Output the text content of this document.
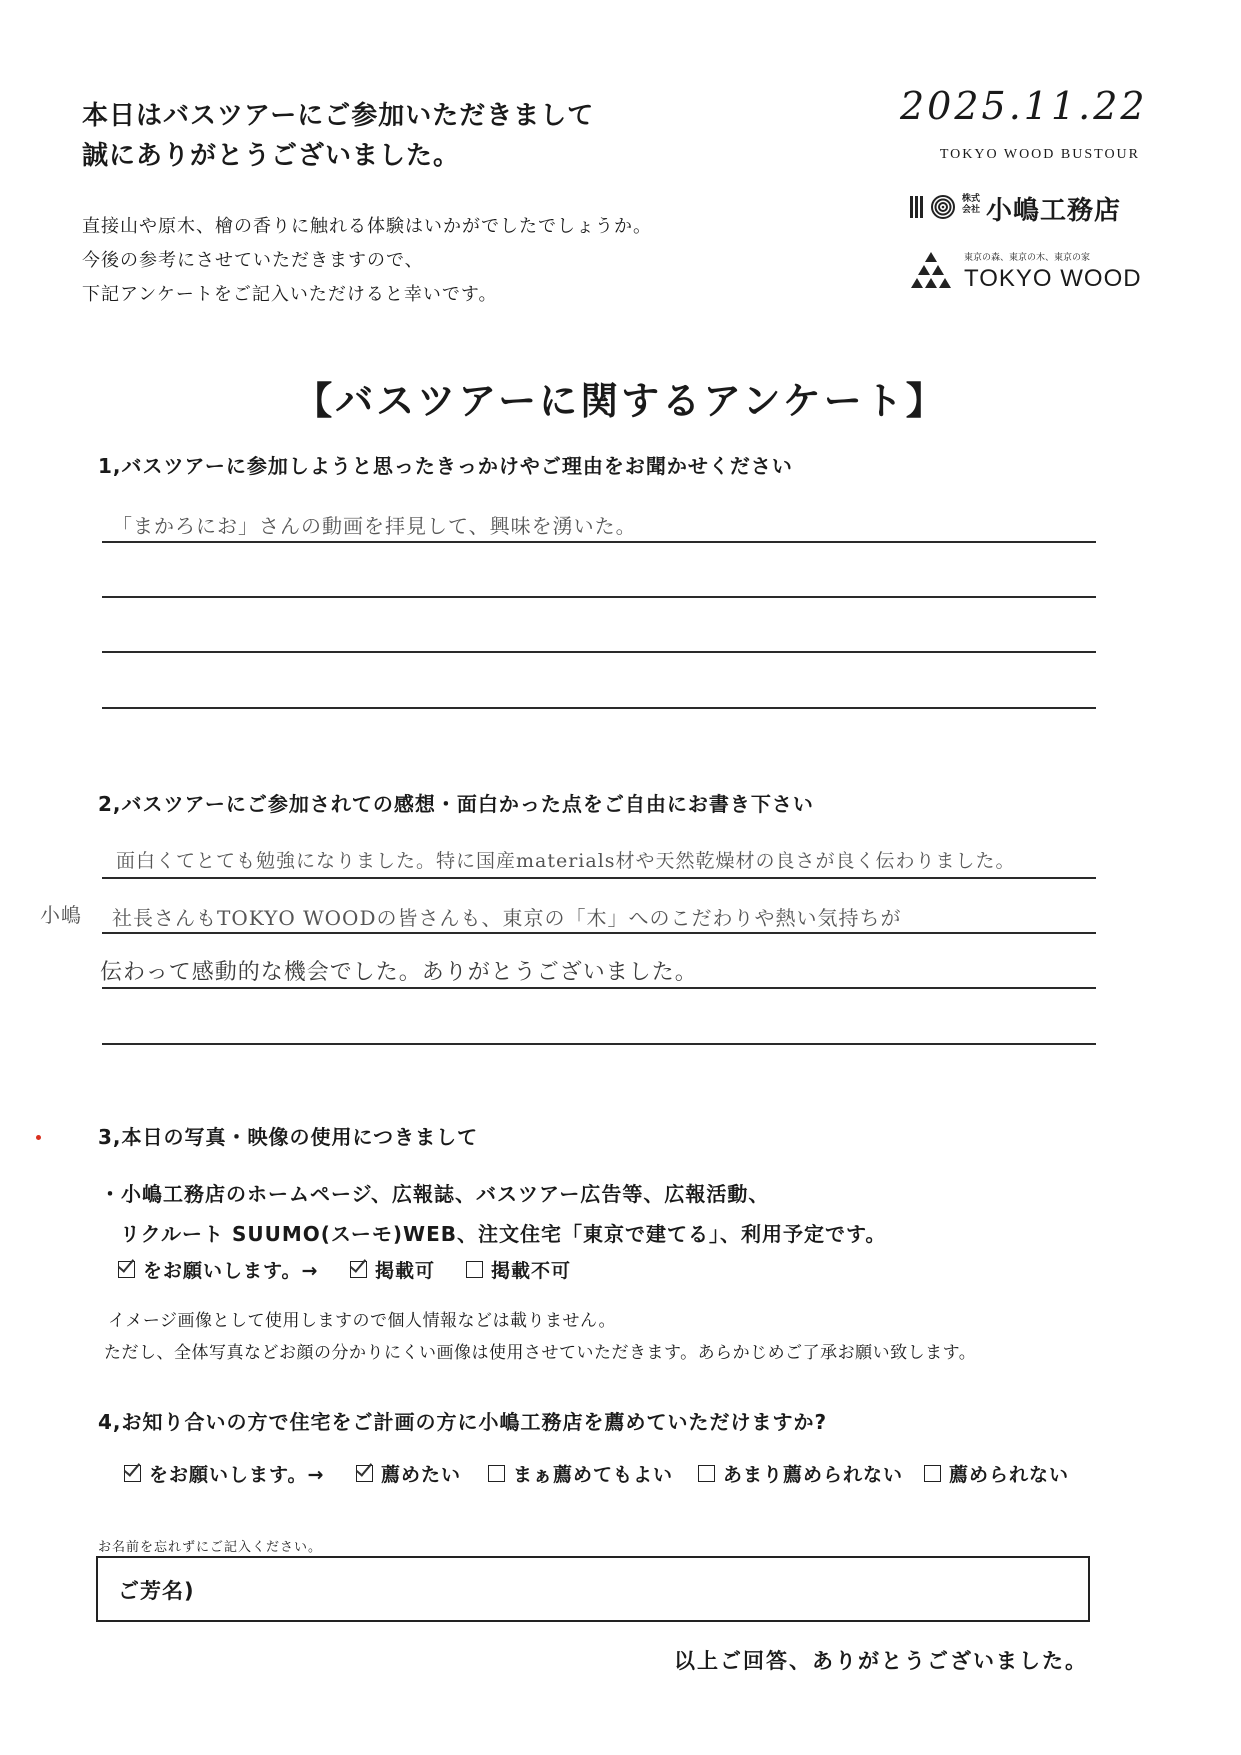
本日はバスツアーにご参加いただきまして
誠にありがとうございました。
直接山や原木、檜の香りに触れる体験はいかがでしたでしょうか。
今後の参考にさせていただきますので、
下記アンケートをご記入いただけると幸いです。
2025.11.22
TOKYO WOOD BUSTOUR
株式会社 小嶋工務店
東京の森、東京の木、東京の家
TOKYO WOOD
【バスツアーに関するアンケート】
1,バスツアーに参加しようと思ったきっかけやご理由をお聞かせください
「まかろにお」さんの動画を拝見して、興味を湧いた。
2,バスツアーにご参加されての感想・面白かった点をご自由にお書き下さい
面白くてとても勉強になりました。特に国産materials材や天然乾燥材の良さが良く伝わりました。
小嶋 社長さんもTOKYO WOODの皆さんも、東京の「木」へのこだわりや熱い気持ちが
伝わって感動的な機会でした。ありがとうございました。
3,本日の写真・映像の使用につきまして
・小嶋工務店のホームページ、広報誌、バスツアー広告等、広報活動、
リクルート SUUMO(スーモ)WEB、注文住宅「東京で建てる」、利用予定です。
をお願いします。→	掲載可	掲載不可
イメージ画像として使用しますので個人情報などは載りません。
ただし、全体写真などお顔の分かりにくい画像は使用させていただきます。あらかじめご了承お願い致します。
4,お知り合いの方で住宅をご計画の方に小嶋工務店を薦めていただけますか?
をお願いします。→	薦めたい	まぁ薦めてもよい	あまり薦められない 薦められない
お名前を忘れずにご記入ください。
ご芳名)
以上ご回答、ありがとうございました。
